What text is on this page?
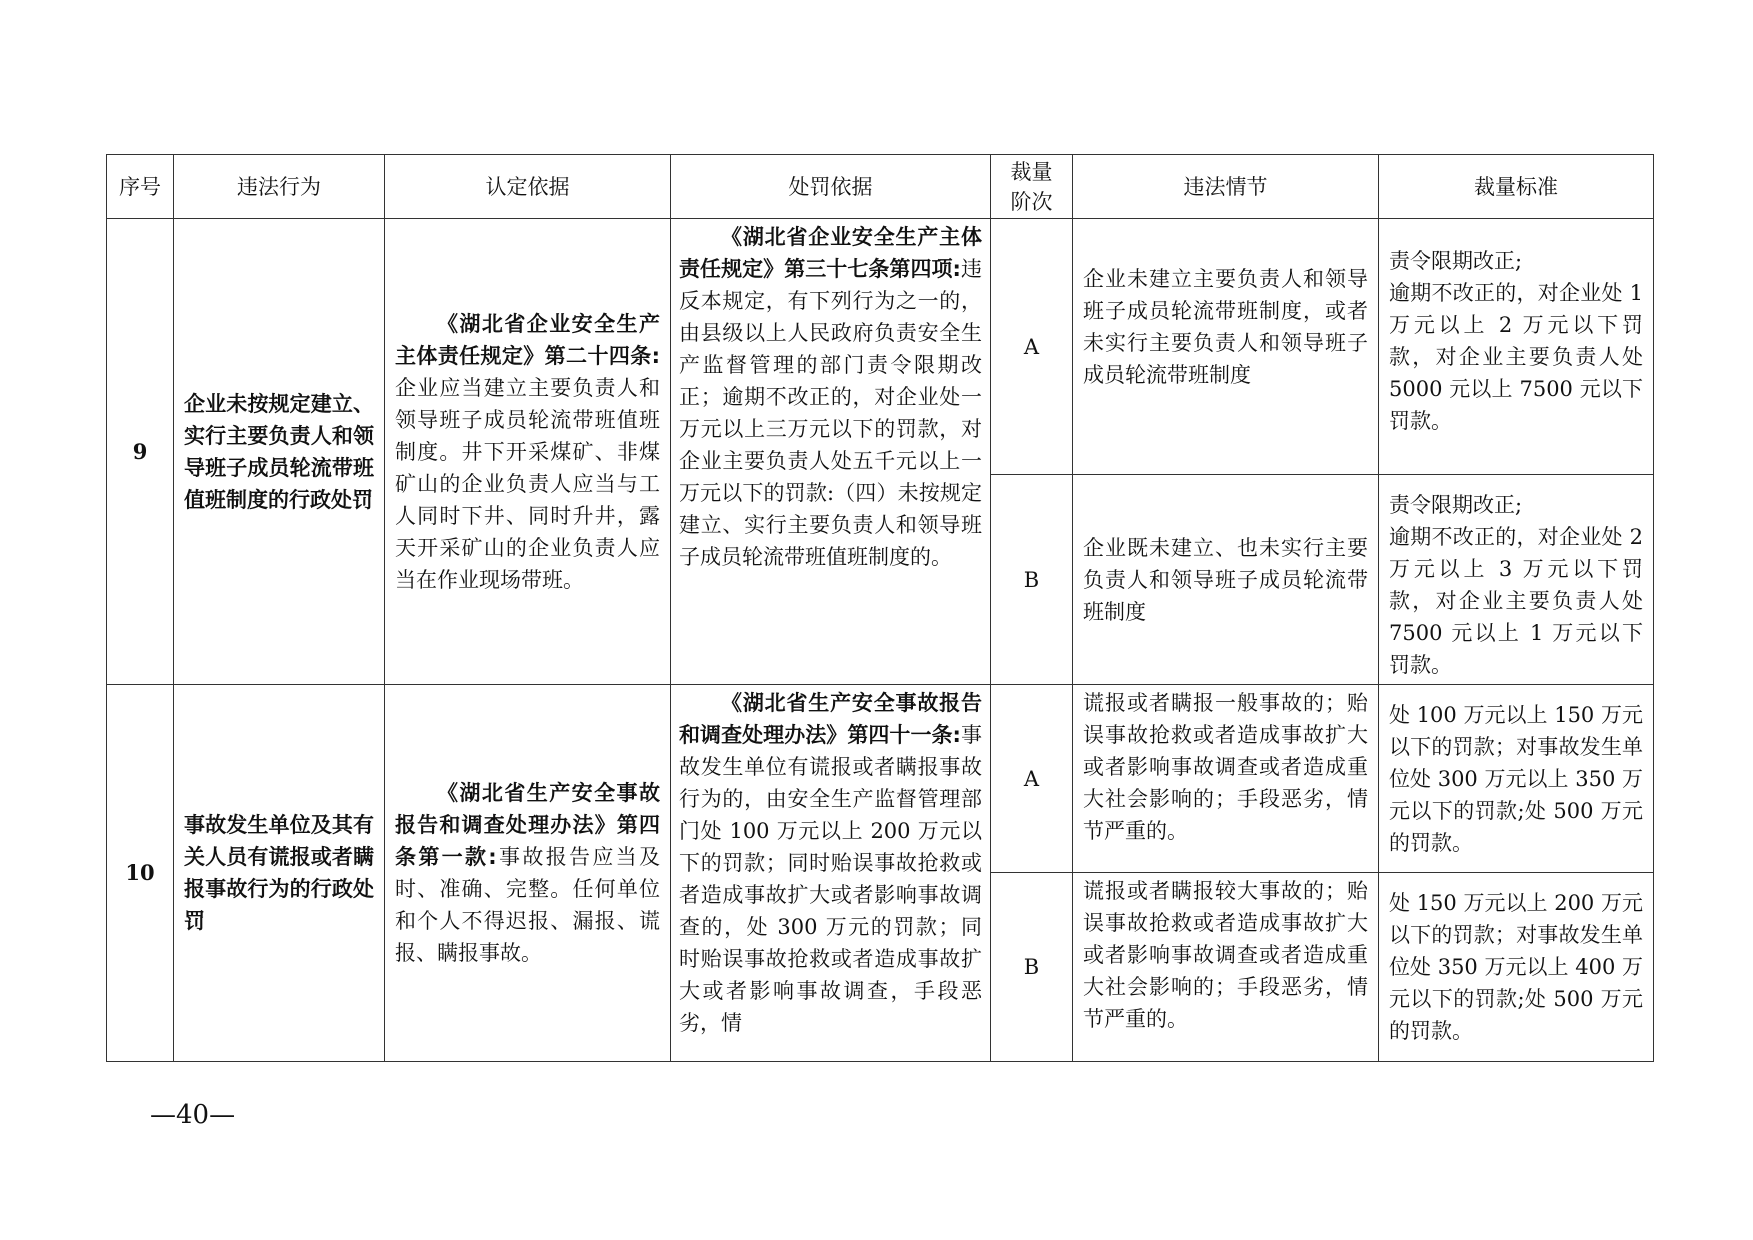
序号	违法行为	认定依据	处罚依据	裁量阶次	违法情节	裁量标准
9	企业未按规定建立、实行主要负责人和领导班子成员轮流带班值班制度的行政处罚	《湖北省企业安全生产主体责任规定》第二十四条:企业应当建立主要负责人和领导班子成员轮流带班值班制度。井下开采煤矿、非煤矿山的企业负责人应当与工人同时下井、同时升井，露天开采矿山的企业负责人应当在作业现场带班。	《湖北省企业安全生产主体责任规定》第三十七条第四项:违反本规定，有下列行为之一的，由县级以上人民政府负责安全生产监督管理的部门责令限期改正；逾期不改正的，对企业处一万元以上三万元以下的罚款，对企业主要负责人处五千元以上一万元以下的罚款:（四）未按规定建立、实行主要负责人和领导班子成员轮流带班值班制度的。	A	企业未建立主要负责人和领导班子成员轮流带班制度，或者未实行主要负责人和领导班子成员轮流带班制度	责令限期改正;
逾期不改正的，对企业处 1 万元以上 2 万元以下罚款，对企业主要负责人处 5000 元以上 7500 元以下罚款。

				B	企业既未建立、也未实行主要负责人和领导班子成员轮流带班制度	责令限期改正;
逾期不改正的，对企业处 2 万元以上 3 万元以下罚款，对企业主要负责人处 7500 元以上 1 万元以下罚款。

10	事故发生单位及其有关人员有谎报或者瞒报事故行为的行政处罚	《湖北省生产安全事故报告和调查处理办法》第四条第一款:事故报告应当及时、准确、完整。任何单位和个人不得迟报、漏报、谎报、瞒报事故。	《湖北省生产安全事故报告和调查处理办法》第四十一条:事故发生单位有谎报或者瞒报事故行为的，由安全生产监督管理部门处 100 万元以上 200 万元以下的罚款；同时贻误事故抢救或者造成事故扩大或者影响事故调查的，处 300 万元的罚款；同时贻误事故抢救或者造成事故扩大或者影响事故调查，手段恶劣，情	A	谎报或者瞒报一般事故的；贻误事故抢救或者造成事故扩大或者影响事故调查或者造成重大社会影响的；手段恶劣，情节严重的。	处 100 万元以上 150 万元以下的罚款；对事故发生单位处 300 万元以上 350 万元以下的罚款;处 500 万元的罚款。

				B	谎报或者瞒报较大事故的；贻误事故抢救或者造成事故扩大或者影响事故调查或者造成重大社会影响的；手段恶劣，情节严重的。	处 150 万元以上 200 万元以下的罚款；对事故发生单位处 350 万元以上 400 万元以下的罚款;处 500 万元的罚款。
—40—
